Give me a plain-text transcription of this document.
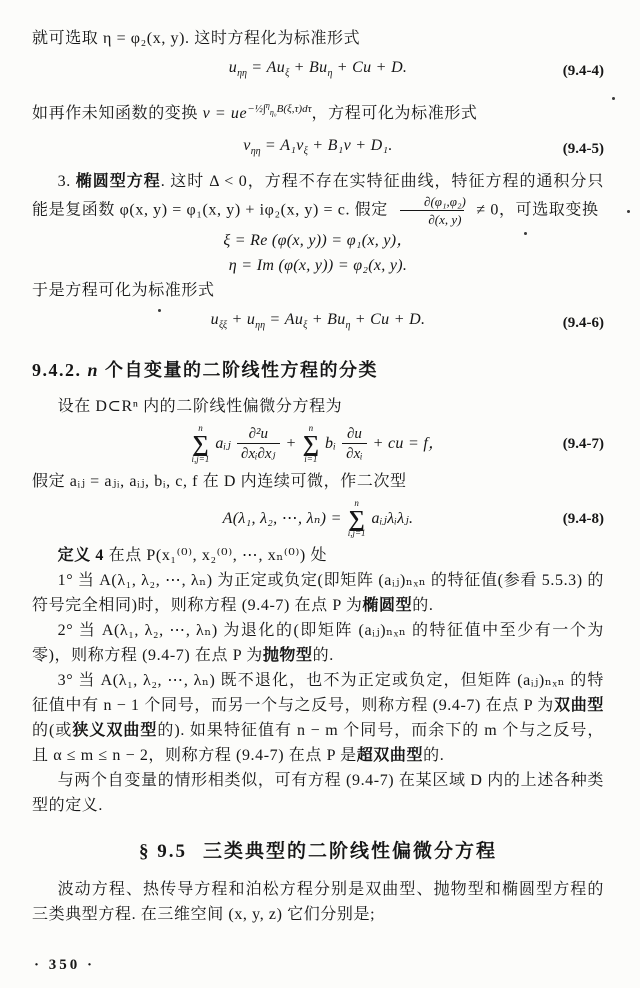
就可选取 η = φ₂(x, y). 这时方程化为标准形式

$u_{\eta\eta} = Au_\xi + Bu_\eta + Cu + D$.	(9.4-4)

如再作未知函数的变换 $v = ue^{-\frac{1}{2}\int^\eta_{\eta_0}B(\xi,\tau)d\tau}$，方程可化为标准形式

$v_{\eta\eta} = A_1v_\xi + B_1v + D_1$.	(9.4-5)

3. 椭圆型方程. 这时 Δ < 0，方程不存在实特征曲线，特征方程的通积分只能是复函数 φ(x, y) = φ₁(x, y) + iφ₂(x, y) = c. 假定 $\frac{\text{∂(φ₁,φ₂)}}{\partial(x, y)} \ne 0$，可选取变换

ξ = Re (φ(x, y)) = φ₁(x, y)，
η = Im (φ(x, y)) = φ₂(x, y).

于是方程可化为标准形式

$u_{\xi\xi} + u_{\eta\eta} = Au_\xi + Bu_\eta + Cu + D$.	(9.4-6)
9.4.2. n 个自变量的二阶线性方程的分类

设在 D⊂Rⁿ 内的二阶线性偏微分方程为

n
∑
i,j=1
aᵢⱼ $\frac{\text{∂²u}}{\text{∂xᵢ∂xⱼ}}$ +
n
∑
i=1
bᵢ $\frac{\partial u}{\text{∂xᵢ}}$ + cu = f，	(9.4-7)

假定 aᵢⱼ = aⱼᵢ, aᵢⱼ, bᵢ, c, f 在 D 内连续可微，作二次型

A(λ₁, λ₂, ⋯, λₙ) =
n
∑
i,j=1
aᵢⱼλᵢλⱼ.	(9.4-8)

定义 4 在点 P(x₁⁽⁰⁾, x₂⁽⁰⁾, ⋯, xₙ⁽⁰⁾) 处

1° 当 A(λ₁, λ₂, ⋯, λₙ) 为正定或负定(即矩阵 (aᵢⱼ)ₙₓₙ 的特征值(参看 5.5.3) 的符号完全相同)时，则称方程 (9.4-7) 在点 P 为椭圆型的.

2° 当 A(λ₁, λ₂, ⋯, λₙ) 为退化的(即矩阵 (aᵢⱼ)ₙₓₙ 的特征值中至少有一个为零)，则称方程 (9.4-7) 在点 P 为抛物型的.

3° 当 A(λ₁, λ₂, ⋯, λₙ) 既不退化，也不为正定或负定，但矩阵 (aᵢⱼ)ₙₓₙ 的特征值中有 n − 1 个同号，而另一个与之反号，则称方程 (9.4-7) 在点 P 为双曲型的(或狭义双曲型的). 如果特征值有 n − m 个同号，而余下的 m 个与之反号，且 α ≤ m ≤ n − 2，则称方程 (9.4-7) 在点 P 是超双曲型的.

与两个自变量的情形相类似，可有方程 (9.4-7) 在某区域 D 内的上述各种类型的定义.

§ 9.5 三类典型的二阶线性偏微分方程

波动方程、热传导方程和泊松方程分别是双曲型、抛物型和椭圆型方程的三类典型方程. 在三维空间 (x, y, z) 它们分别是;

· 350 ·
